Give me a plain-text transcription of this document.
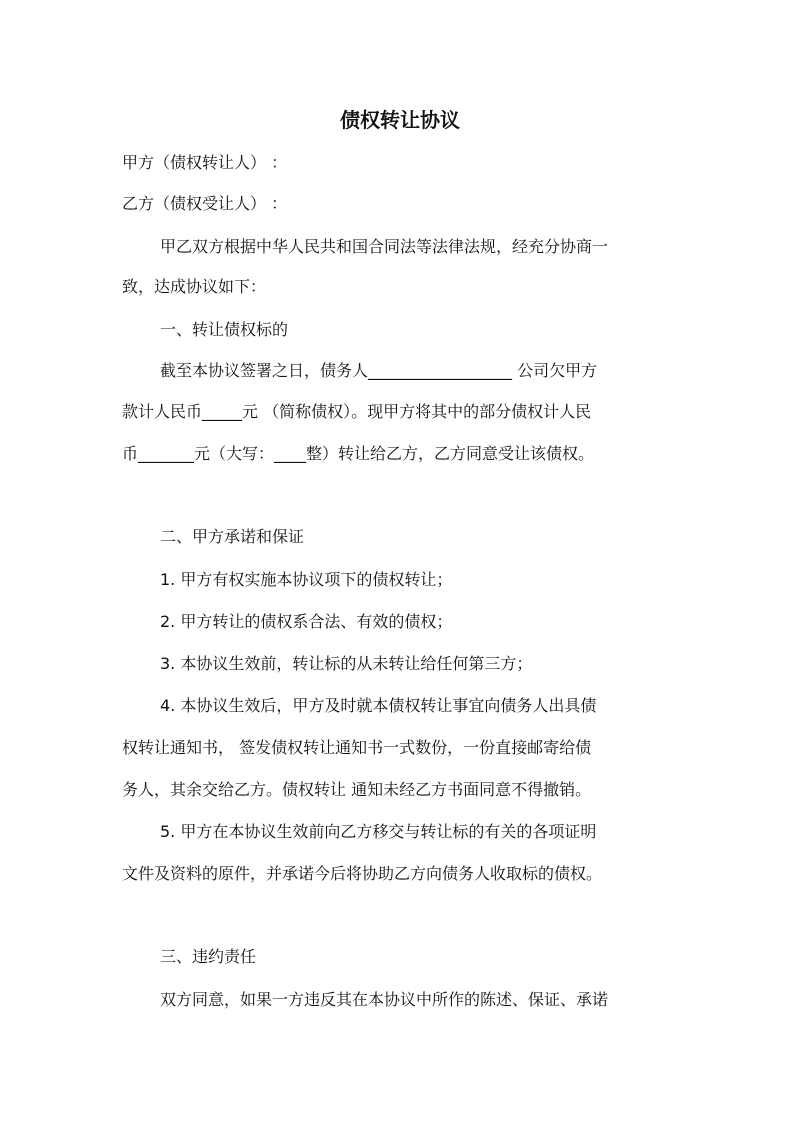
债权转让协议
甲方（债权转让人） ：
乙方（债权受让人） ：
甲乙双方根据中华人民共和国合同法等法律法规，经充分协商一
致，达成协议如下：
一、转让债权标的
截至本协议签署之日，债务人__________________ 公司欠甲方
款计人民币_____元 （简称债权）。现甲方将其中的部分债权计人民
币_______元（大写：____整）转让给乙方，乙方同意受让该债权。
二、甲方承诺和保证
1. 甲方有权实施本协议项下的债权转让；
2. 甲方转让的债权系合法、有效的债权；
3. 本协议生效前，转让标的从未转让给任何第三方；
4. 本协议生效后，甲方及时就本债权转让事宜向债务人出具债
权转让通知书， 签发债权转让通知书一式数份，一份直接邮寄给债
务人，其余交给乙方。债权转让 通知未经乙方书面同意不得撤销。
5. 甲方在本协议生效前向乙方移交与转让标的有关的各项证明
文件及资料的原件，并承诺今后将协助乙方向债务人收取标的债权。
三、违约责任
双方同意，如果一方违反其在本协议中所作的陈述、保证、承诺
